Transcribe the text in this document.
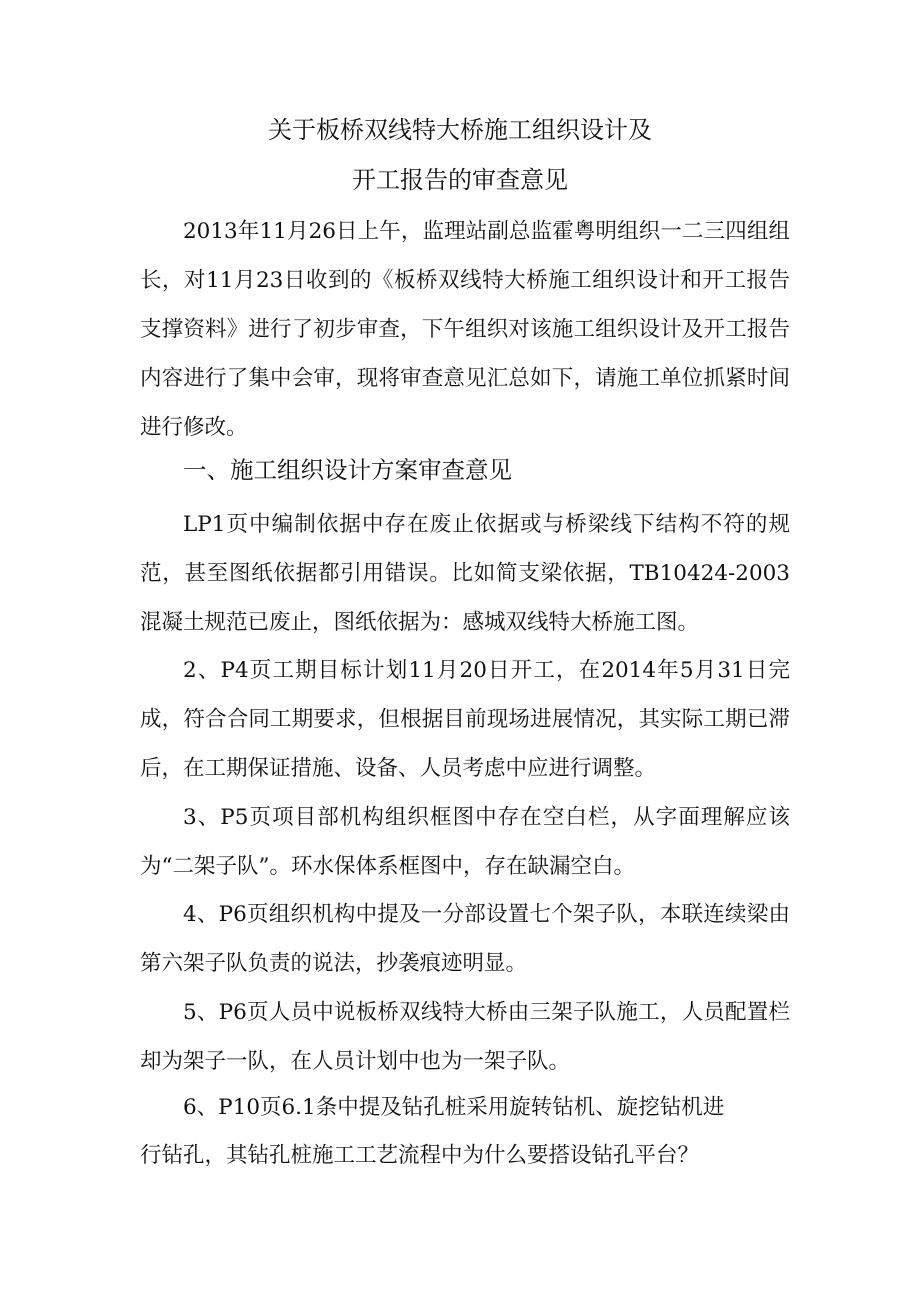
关于板桥双线特大桥施工组织设计及
开工报告的审查意见

2013年11月26日上午，监理站副总监霍粤明组织一二三四组组长，对11月23日收到的《板桥双线特大桥施工组织设计和开工报告支撑资料》进行了初步审查，下午组织对该施工组织设计及开工报告内容进行了集中会审，现将审查意见汇总如下，请施工单位抓紧时间进行修改。

一、施工组织设计方案审查意见

LP1页中编制依据中存在废止依据或与桥梁线下结构不符的规范，甚至图纸依据都引用错误。比如简支梁依据，TB10424-2003混凝土规范已废止，图纸依据为：感城双线特大桥施工图。

2、P4页工期目标计划11月20日开工，在2014年5月31日完成，符合合同工期要求，但根据目前现场进展情况，其实际工期已滞后，在工期保证措施、设备、人员考虑中应进行调整。

3、P5页项目部机构组织框图中存在空白栏，从字面理解应该为“二架子队”。环水保体系框图中，存在缺漏空白。

4、P6页组织机构中提及一分部设置七个架子队，本联连续梁由第六架子队负责的说法，抄袭痕迹明显。

5、P6页人员中说板桥双线特大桥由三架子队施工，人员配置栏却为架子一队，在人员计划中也为一架子队。

6、P10页6.1条中提及钻孔桩采用旋转钻机、旋挖钻机进
行钻孔，其钻孔桩施工工艺流程中为什么要搭设钻孔平台？
